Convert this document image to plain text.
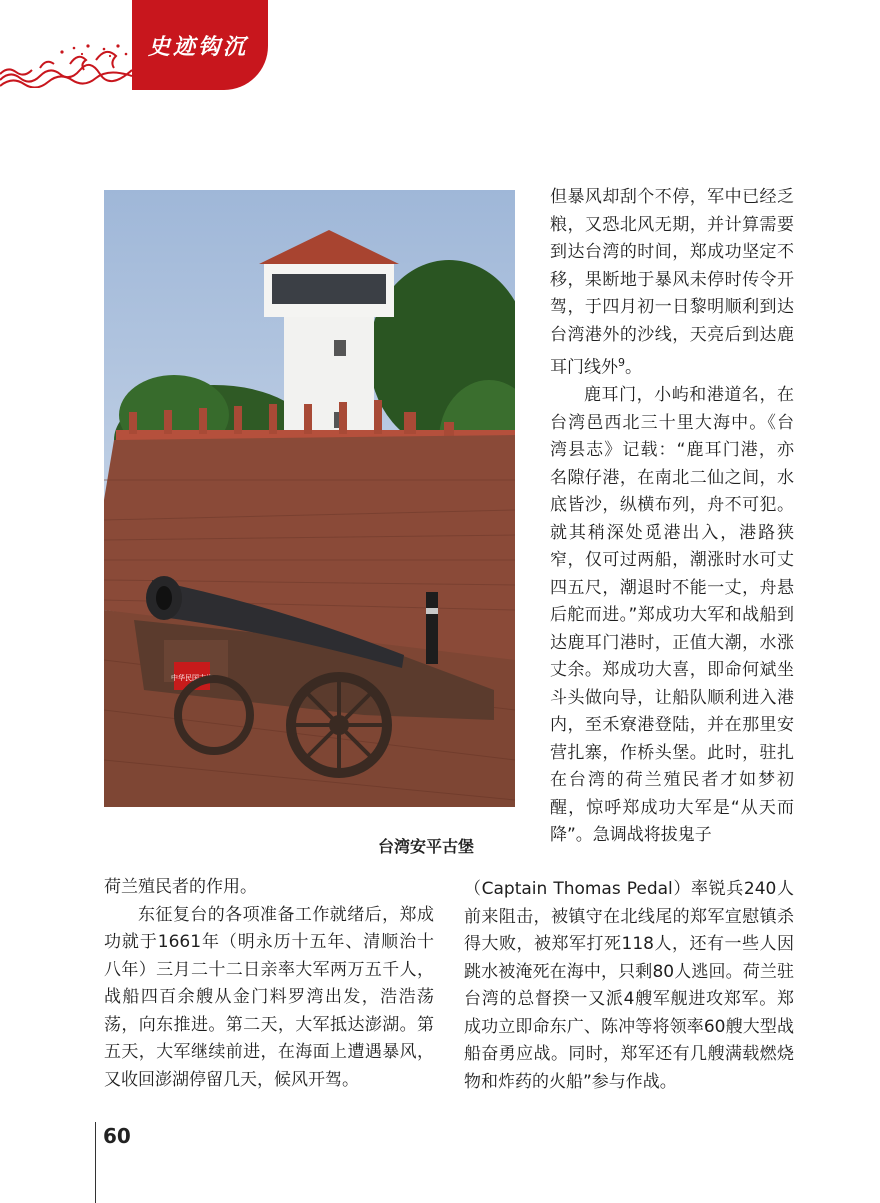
史迹钩沉
中华民国古炮
台湾安平古堡

但暴风却刮个不停，军中已经乏粮，又恐北风无期，并计算需要到达台湾的时间，郑成功坚定不移，果断地于暴风未停时传令开驾，于四月初一日黎明顺利到达台湾港外的沙线，天亮后到达鹿耳门线外$^9$。

鹿耳门，小屿和港道名，在台湾邑西北三十里大海中。《台湾县志》记载：“鹿耳门港，亦名隙仔港，在南北二仙之间，水底皆沙，纵横布列，舟不可犯。就其稍深处觅港出入，港路狭窄，仅可过两船，潮涨时水可丈四五尺，潮退时不能一丈，舟悬后舵而进。”郑成功大军和战船到达鹿耳门港时，正值大潮，水涨丈余。郑成功大喜，即命何斌坐斗头做向导，让船队顺利进入港内，至禾寮港登陆，并在那里安营扎寨，作桥头堡。此时，驻扎在台湾的荷兰殖民者才如梦初醒，惊呼郑成功大军是“从天而降”。急调战将拔鬼子

荷兰殖民者的作用。

东征复台的各项准备工作就绪后，郑成功就于1661年（明永历十五年、清顺治十八年）三月二十二日亲率大军两万五千人，战船四百余艘从金门料罗湾出发，浩浩荡荡，向东推进。第二天，大军抵达澎湖。第五天，大军继续前进，在海面上遭遇暴风，又收回澎湖停留几天，候风开驾。

（Captain Thomas Pedal）率锐兵240人前来阻击，被镇守在北线尾的郑军宣慰镇杀得大败，被郑军打死118人，还有一些人因跳水被淹死在海中，只剩80人逃回。荷兰驻台湾的总督揆一又派4艘军舰进攻郑军。郑成功立即命东广、陈冲等将领率60艘大型战船奋勇应战。同时，郑军还有几艘满载燃烧物和炸药的火船”参与作战。

60
